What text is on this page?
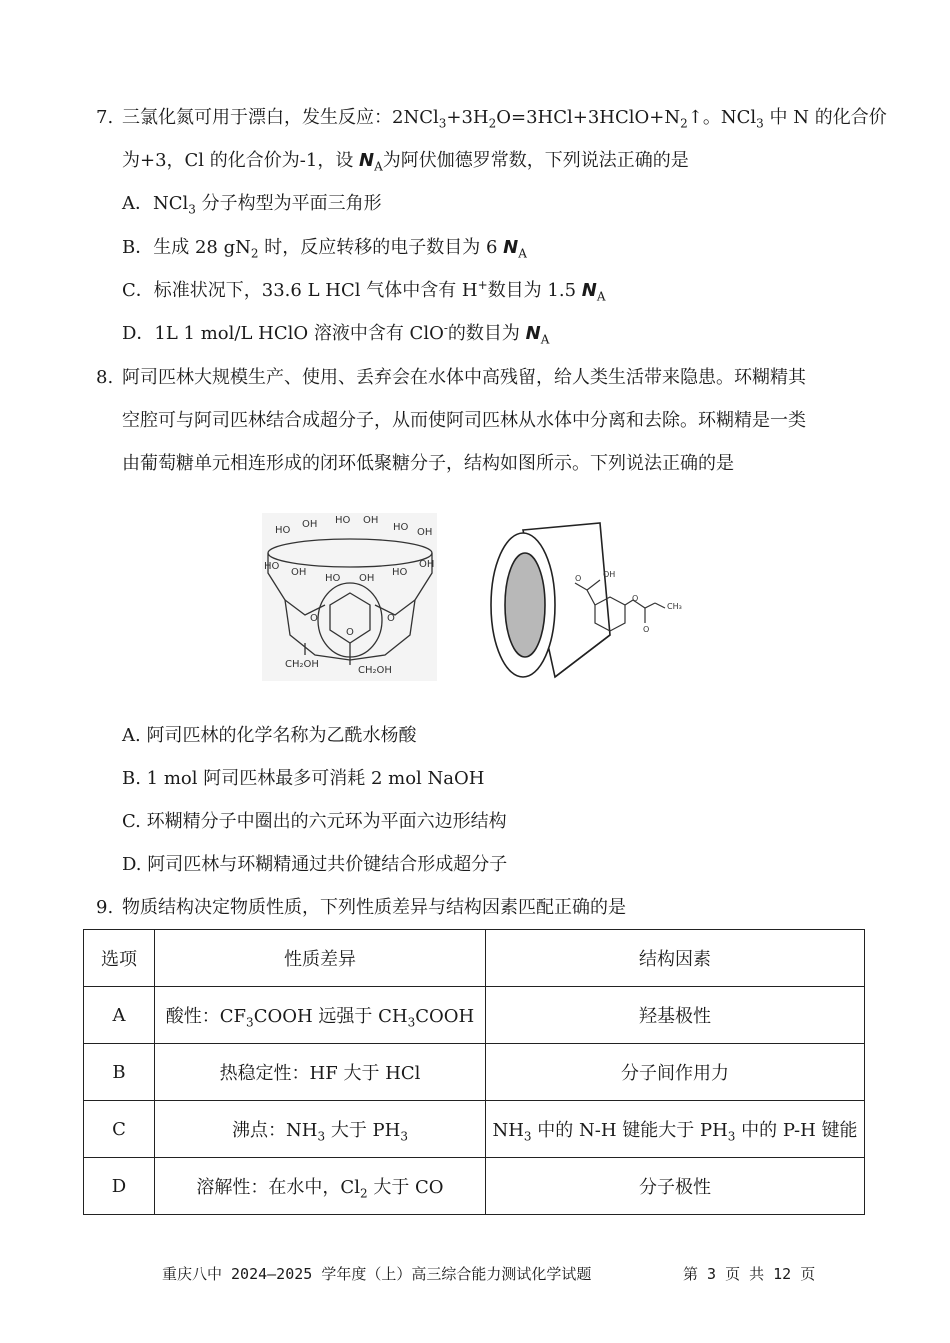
7. 三氯化氮可用于漂白，发生反应：$2NCl_3+3H_2O=3HCl+3HClO+N_2↑$。NCl$_3$ 中 N 的化合价
为+3，Cl 的化合价为-1，设 $N_A$为阿伏伽德罗常数，下列说法正确的是
A．NCl$_3$ 分子构型为平面三角形
B．生成 28 $gN_2$ 时，反应转移的电子数目为 6 $N_A$
C．标准状况下，33.6 L HCl 气体中含有 H+数目为 1.5 $N_A$
D．1L 1 mol/L HClO 溶液中含有 ClO-的数目为 $N_A$
8. 阿司匹林大规模生产、使用、丢弃会在水体中高残留，给人类生活带来隐患。环糊精其
空腔可与阿司匹林结合成超分子，从而使阿司匹林从水体中分离和去除。环糊精是一类
由葡萄糖单元相连形成的闭环低聚糖分子，结构如图所示。下列说法正确的是
HO
OH HO OH
HO OH
HO
OH
HO OH
HO
OH
O	O
O
CH₂OH
CH₂OH
O	OH
O
O
CH₃
A. 阿司匹林的化学名称为乙酰水杨酸
B. 1 mol 阿司匹林最多可消耗 2 mol NaOH
C. 环糊精分子中圈出的六元环为平面六边形结构
D. 阿司匹林与环糊精通过共价键结合形成超分子
9. 物质结构决定物质性质，下列性质差异与结构因素匹配正确的是
选项	性质差异	结构因素
A	酸性：$CF_3COOH$ 远强于 $CH_3COOH$	羟基极性
B	热稳定性：HF 大于 HCl	分子间作用力
C	沸点：$NH_3$ 大于 $PH_3$	$NH_3$ 中的 N-H 键能大于 $PH_3$ 中的 P-H 键能
D	溶解性：在水中，$Cl_2$ 大于 CO	分子极性
重庆八中 2024—2025 学年度（上）高三综合能力测试化学试题	第 3 页 共 12 页
